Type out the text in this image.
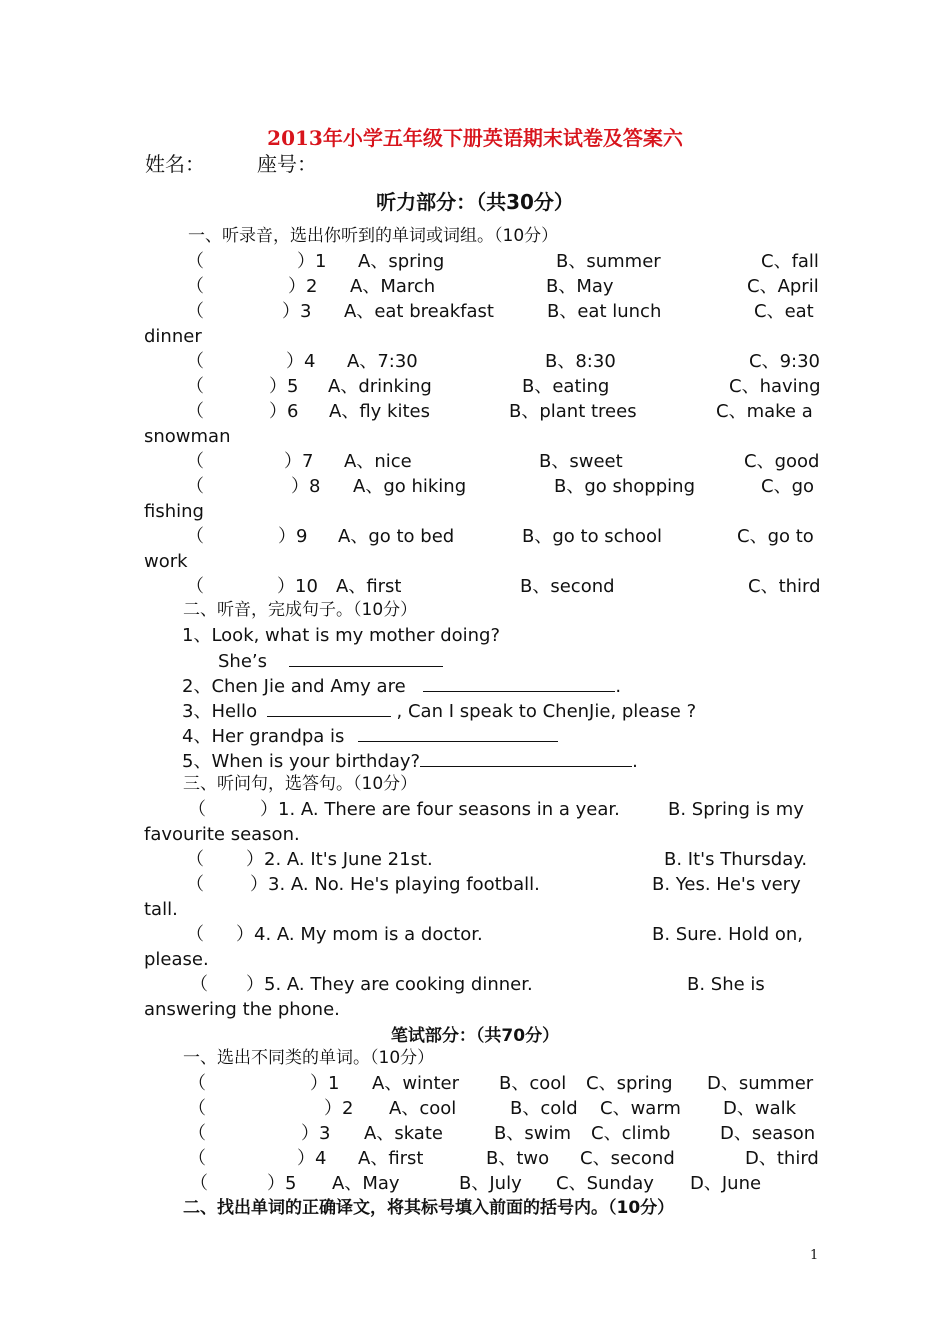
2013年小学五年级下册英语期末试卷及答案六
姓名：	座号：
听力部分：（共30分）
一、听录音，选出你听到的单词或词组。（10分）
（	）1 A、spring	B、summer	C、fall
（	）2 A、March	B、May	C、April
（	）3 A、eat breakfast	B、eat lunch	C、eat
dinner
（	）4 A、7:30	B、8:30	C、9:30
（	）5 A、drinking	B、eating	C、having
（	）6 A、fly kites	B、plant trees	C、make a
snowman
（	）7 A、nice	B、sweet	C、good
（	）8 A、go hiking	B、go shopping	C、go
fishing
（	）9 A、go to bed	B、go to school	C、go to
work
（	）10 A、first	B、second	C、third
二、听音，完成句子。（10分）
1、Look, what is my mother doing?
She’s
2、Chen Jie and Amy are	.
3、Hello	, Can I speak to ChenJie, please ?
4、Her grandpa is
5、When is your birthday?	.
三、听问句，选答句。（10分）
（	）1. A. There are four seasons in a year.	B. Spring is my
favourite season.
（ ）2. A. It's June 21st.	B. It's Thursday.
（	）3. A. No. He's playing football.	B. Yes. He's very
tall.
（ ）4. A. My mom is a doctor.	B. Sure. Hold on,
please.
（ ）5. A. They are cooking dinner.	B. She is
answering the phone.
笔试部分：（共70分）
一、选出不同类的单词。（10分）
（	）1 A、winter B、cool C、spring D、summer
（	）2 A、cool	B、cold C、warm D、walk
（	）3 A、skate	B、swim C、climb	D、season
（	）4 A、first	B、two C、second	D、third
（	）5 A、May	B、July C、Sunday D、June
二、找出单词的正确译文，将其标号填入前面的括号内。（10分）
1
